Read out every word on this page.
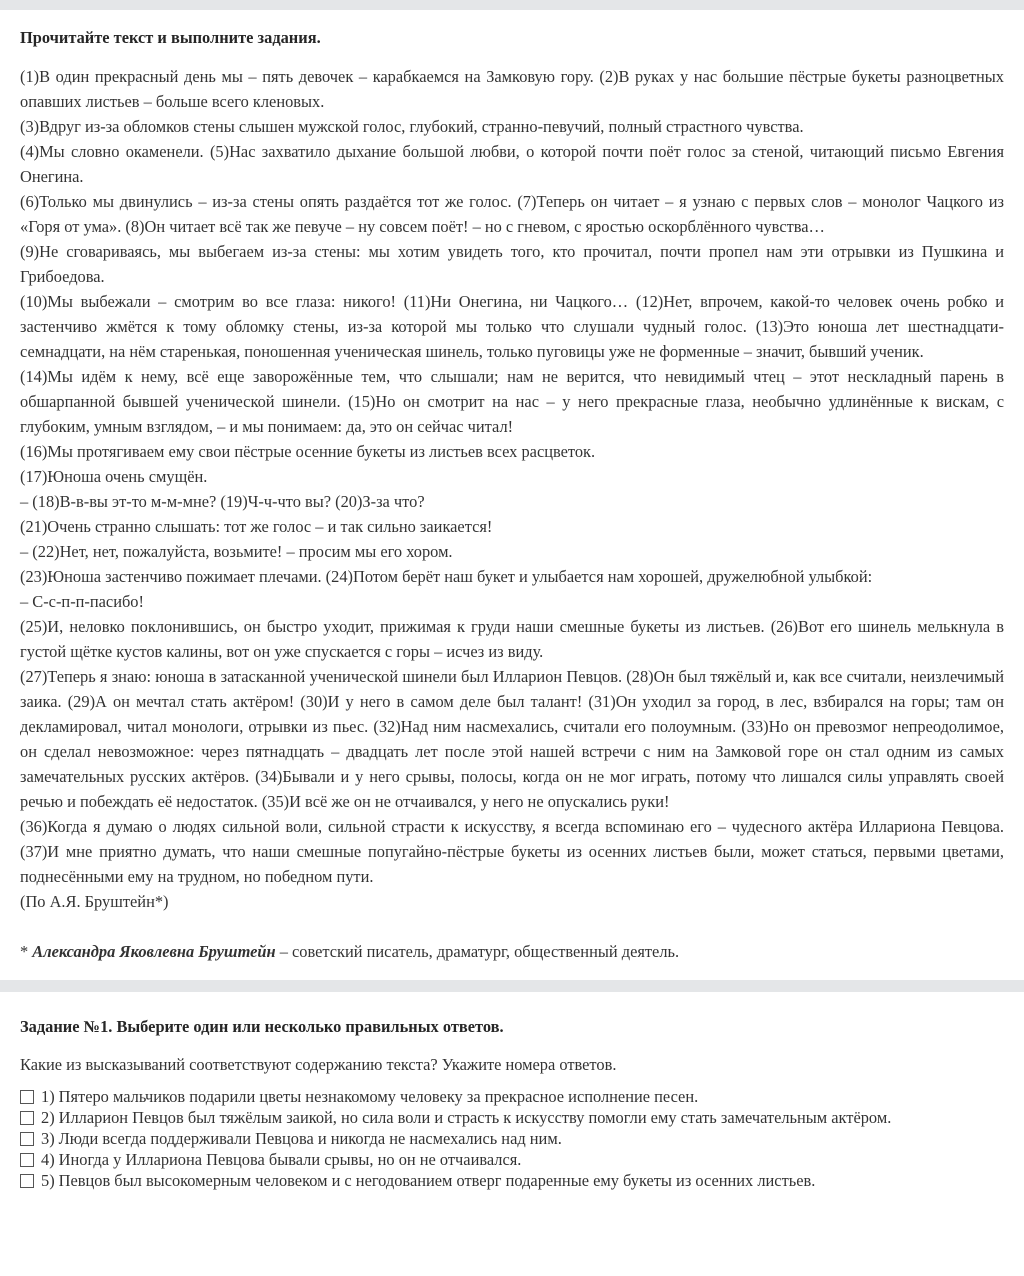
Прочитайте текст и выполните задания.

(1)В один прекрасный день мы – пять девочек – карабкаемся на Замковую гору. (2)В руках у нас большие пёстрые букеты разноцветных опавших листьев – больше всего кленовых.

(3)Вдруг из-за обломков стены слышен мужской голос, глубокий, странно-певучий, полный страстного чувства.

(4)Мы словно окаменели. (5)Нас захватило дыхание большой любви, о которой почти поёт голос за стеной, читающий письмо Евгения Онегина.

(6)Только мы двинулись – из-за стены опять раздаётся тот же голос. (7)Теперь он читает – я узнаю с первых слов – монолог Чацкого из «Горя от ума». (8)Он читает всё так же певуче – ну совсем поёт! – но с гневом, с яростью оскорблённого чувства…

(9)Не сговариваясь, мы выбегаем из-за стены: мы хотим увидеть того, кто прочитал, почти пропел нам эти отрывки из Пушкина и Грибоедова.

(10)Мы выбежали – смотрим во все глаза: никого! (11)Ни Онегина, ни Чацкого… (12)Нет, впрочем, какой-то человек очень робко и застенчиво жмётся к тому обломку стены, из-за которой мы только что слушали чудный голос. (13)Это юноша лет шестнадцати-семнадцати, на нём старенькая, поношенная ученическая шинель, только пуговицы уже не форменные – значит, бывший ученик.

(14)Мы идём к нему, всё еще заворожённые тем, что слышали; нам не верится, что невидимый чтец – этот нескладный парень в обшарпанной бывшей ученической шинели. (15)Но он смотрит на нас – у него прекрасные глаза, необычно удлинённые к вискам, с глубоким, умным взглядом, – и мы понимаем: да, это он сейчас читал!

(16)Мы протягиваем ему свои пёстрые осенние букеты из листьев всех расцветок.

(17)Юноша очень смущён.

– (18)В-в-вы эт-то м-м-мне? (19)Ч-ч-что вы? (20)З-за что?

(21)Очень странно слышать: тот же голос – и так сильно заикается!

– (22)Нет, нет, пожалуйста, возьмите! – просим мы его хором.

(23)Юноша застенчиво пожимает плечами. (24)Потом берёт наш букет и улыбается нам хорошей, дружелюбной улыбкой:

– С-с-п-п-пасибо!

(25)И, неловко поклонившись, он быстро уходит, прижимая к груди наши смешные букеты из листьев. (26)Вот его шинель мелькнула в густой щётке кустов калины, вот он уже спускается с горы – исчез из виду.

(27)Теперь я знаю: юноша в затасканной ученической шинели был Илларион Певцов. (28)Он был тяжёлый и, как все считали, неизлечимый заика. (29)А он мечтал стать актёром! (30)И у него в самом деле был талант! (31)Он уходил за город, в лес, взбирался на горы; там он декламировал, читал монологи, отрывки из пьес. (32)Над ним насмехались, считали его полоумным. (33)Но он превозмог непреодолимое, он сделал невозможное: через пятнадцать – двадцать лет после этой нашей встречи с ним на Замковой горе он стал одним из самых замечательных русских актёров. (34)Бывали и у него срывы, полосы, когда он не мог играть, потому что лишался силы управлять своей речью и побеждать её недостаток. (35)И всё же он не отчаивался, у него не опускались руки!

(36)Когда я думаю о людях сильной воли, сильной страсти к искусству, я всегда вспоминаю его – чудесного актёра Иллариона Певцова. (37)И мне приятно думать, что наши смешные попугайно-пёстрые букеты из осенних листьев были, может статься, первыми цветами, поднесёнными ему на трудном, но победном пути.

(По А.Я. Бруштейн*)

* Александра Яковлевна Бруштейн – советский писатель, драматург, общественный деятель.
Задание №1. Выберите один или несколько правильных ответов.
Какие из высказываний соответствуют содержанию текста? Укажите номера ответов.
1) Пятеро мальчиков подарили цветы незнакомому человеку за прекрасное исполнение песен.
2) Илларион Певцов был тяжёлым заикой, но сила воли и страсть к искусству помогли ему стать замечательным актёром.
3) Люди всегда поддерживали Певцова и никогда не насмехались над ним.
4) Иногда у Иллариона Певцова бывали срывы, но он не отчаивался.
5) Певцов был высокомерным человеком и с негодованием отверг подаренные ему букеты из осенних листьев.
